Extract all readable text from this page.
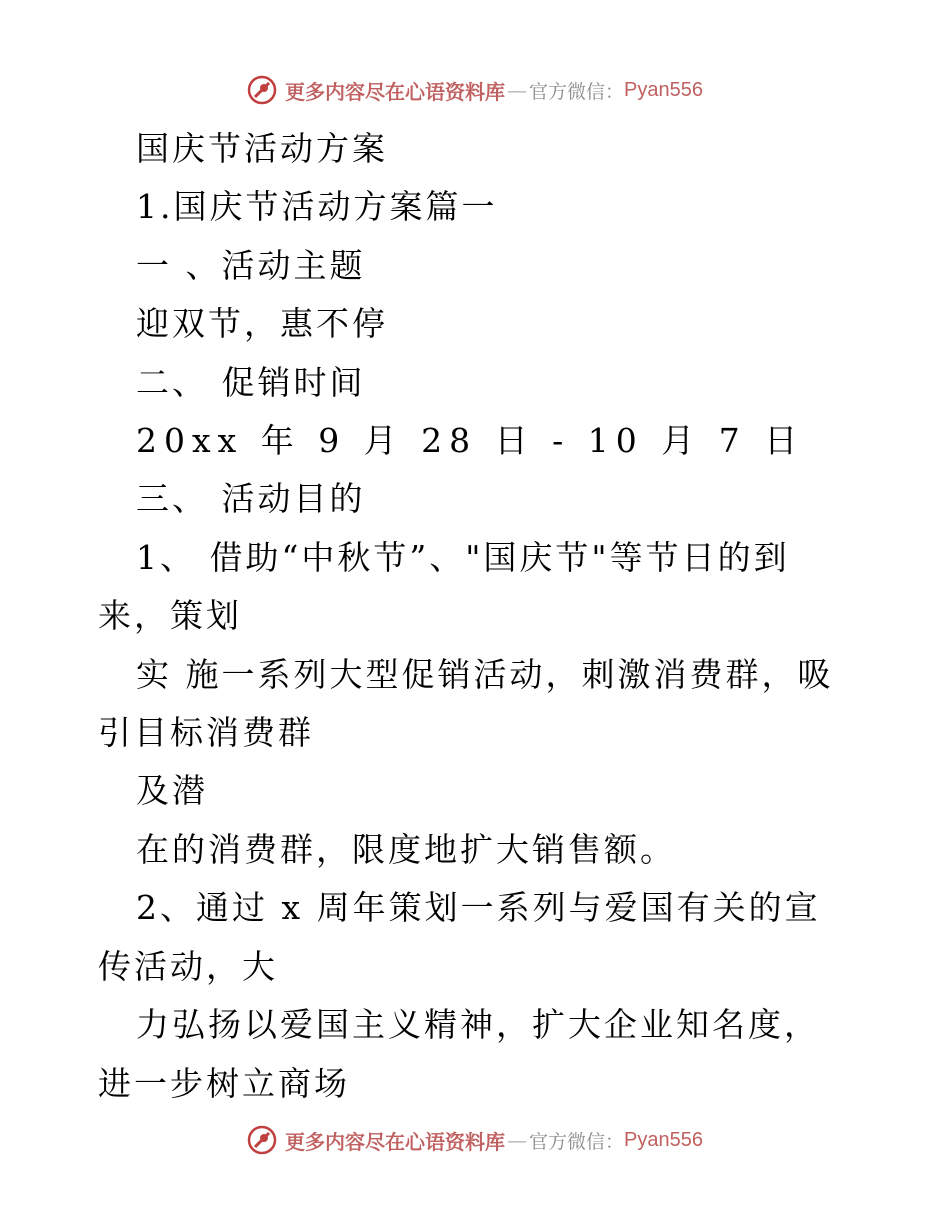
更多内容尽在心语资料库 — 官方微信： Pyan556

国庆节活动方案

1.国庆节活动方案篇一

一 、活动主题

迎双节，惠不停

二、 促销时间

20xx 年 9 月 28 日 - 10 月 7 日

三、 活动目的

1、 借助“中秋节”、"国庆节"等节日的到来，策划

实 施一系列大型促销活动，刺激消费群，吸引目标消费群

及潜

在的消费群，限度地扩大销售额。

2、通过 x 周年策划一系列与爱国有关的宣传活动，大

力弘扬以爱国主义精神，扩大企业知名度，进一步树立商场

更多内容尽在心语资料库 — 官方微信： Pyan556
